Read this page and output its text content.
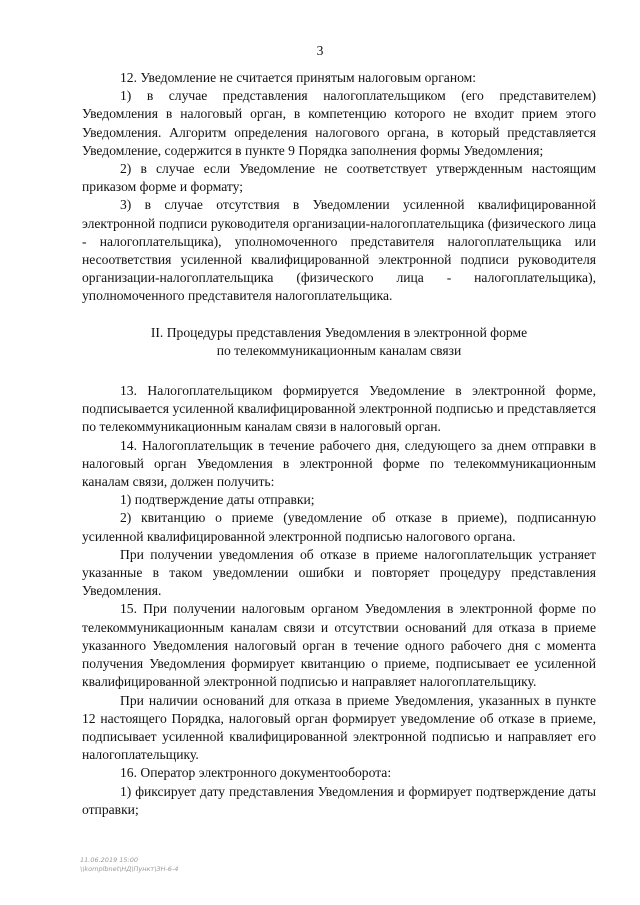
3

12. Уведомление не считается принятым налоговым органом:

1) в случае представления налогоплательщиком (его представителем) Уведомления в налоговый орган, в компетенцию которого не входит прием этого Уведомления. Алгоритм определения налогового органа, в который представляется Уведомление, содержится в пункте 9 Порядка заполнения формы Уведомления;

2) в случае если Уведомление не соответствует утвержденным настоящим приказом форме и формату;

3) в случае отсутствия в Уведомлении усиленной квалифицированной электронной подписи руководителя организации-налогоплательщика (физического лица - налогоплательщика), уполномоченного представителя налогоплательщика или несоответствия усиленной квалифицированной электронной подписи руководителя организации-налогоплательщика (физического лица - налогоплательщика), уполномоченного представителя налогоплательщика.

II. Процедуры представления Уведомления в электронной форме
по телекоммуникационным каналам связи

13. Налогоплательщиком формируется Уведомление в электронной форме, подписывается усиленной квалифицированной электронной подписью и представляется по телекоммуникационным каналам связи в налоговый орган.

14. Налогоплательщик в течение рабочего дня, следующего за днем отправки в налоговый орган Уведомления в электронной форме по телекоммуникационным каналам связи, должен получить:

1) подтверждение даты отправки;

2) квитанцию о приеме (уведомление об отказе в приеме), подписанную усиленной квалифицированной электронной подписью налогового органа.

При получении уведомления об отказе в приеме налогоплательщик устраняет указанные в таком уведомлении ошибки и повторяет процедуру представления Уведомления.

15. При получении налоговым органом Уведомления в электронной форме по телекоммуникационным каналам связи и отсутствии оснований для отказа в приеме указанного Уведомления налоговый орган в течение одного рабочего дня с момента получения Уведомления формирует квитанцию о приеме, подписывает ее усиленной квалифицированной электронной подписью и направляет налогоплательщику.

При наличии оснований для отказа в приеме Уведомления, указанных в пункте 12 настоящего Порядка, налоговый орган формирует уведомление об отказе в приеме, подписывает усиленной квалифицированной электронной подписью и направляет его налогоплательщику.

16. Оператор электронного документооборота:

1) фиксирует дату представления Уведомления и формирует подтверждение даты отправки;

11.06.2019 15:00
\\komplbnet\НД\Пункт\ЗН-6-4
